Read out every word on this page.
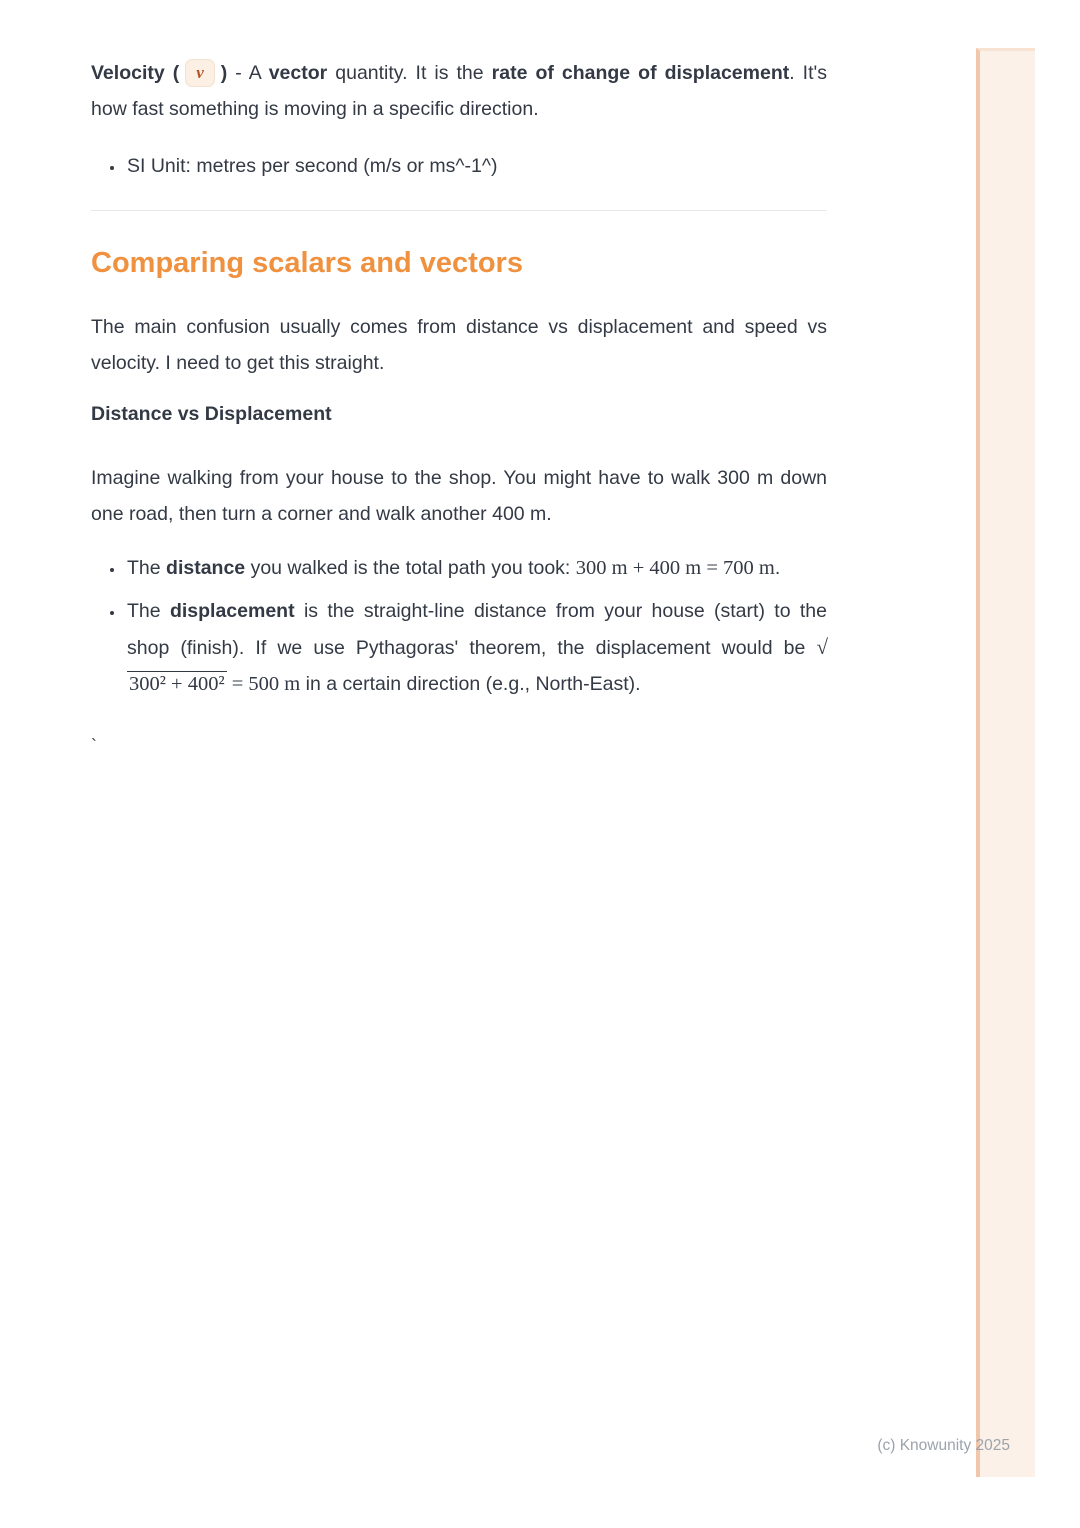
Velocity ( v ) - A vector quantity. It is the rate of change of displacement. It's how fast something is moving in a specific direction.

• SI Unit: metres per second (m/s or ms^-1^)
Comparing scalars and vectors

The main confusion usually comes from distance vs displacement and speed vs velocity. I need to get this straight.

Distance vs Displacement

Imagine walking from your house to the shop. You might have to walk 300 m down one road, then turn a corner and walk another 400 m.

• The distance you walked is the total path you took: 300 m + 400 m = 700 m.
• The displacement is the straight-line distance from your house (start) to the shop (finish). If we use Pythagoras' theorem, the displacement would be √300² + 400² = 500 m in a certain direction (e.g., North-East).

`

(c) Knowunity 2025
